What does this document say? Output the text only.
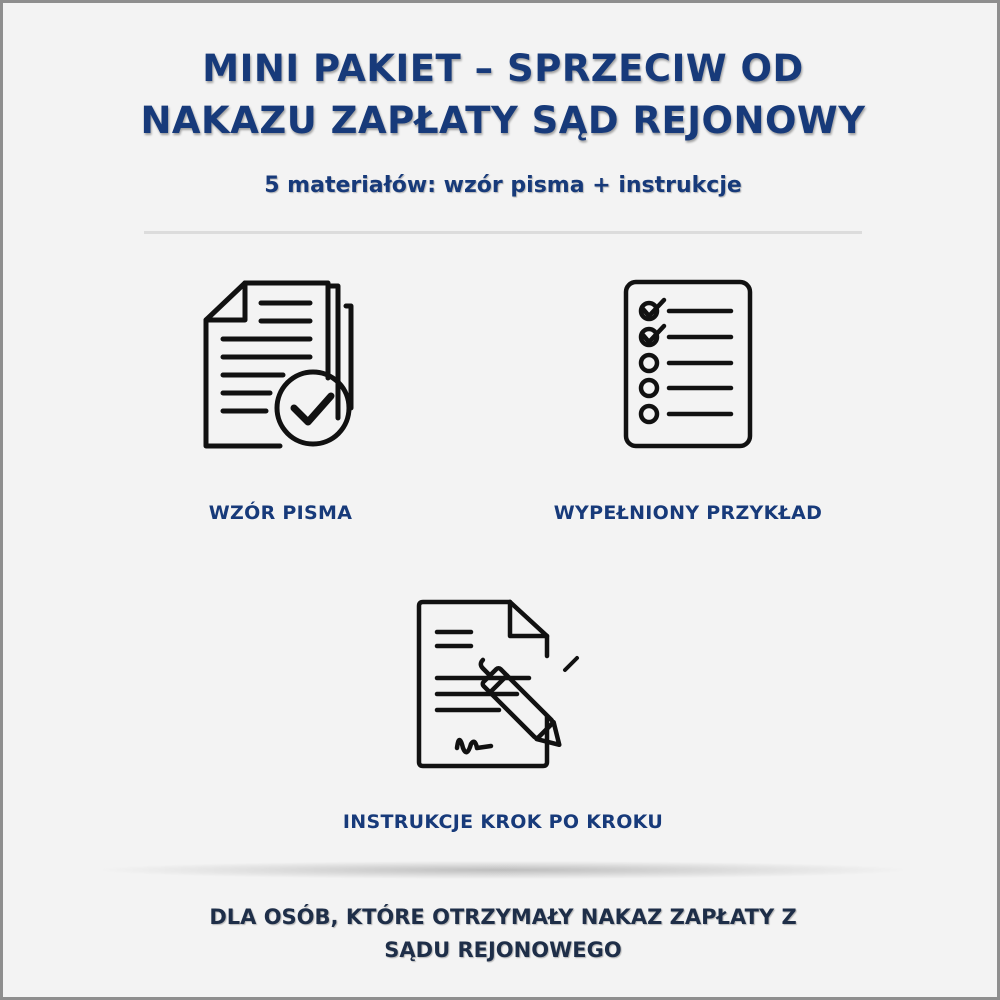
MINI PAKIET – SPRZECIW OD
NAKAZU ZAPŁATY SĄD REJONOWY
5 materiałów: wzór pisma + instrukcje
WZÓR PISMA	WYPEŁNIONY PRZYKŁAD
INSTRUKCJE KROK PO KROKU
DLA OSÓB, KTÓRE OTRZYMAŁY NAKAZ ZAPŁATY Z
SĄDU REJONOWEGO
